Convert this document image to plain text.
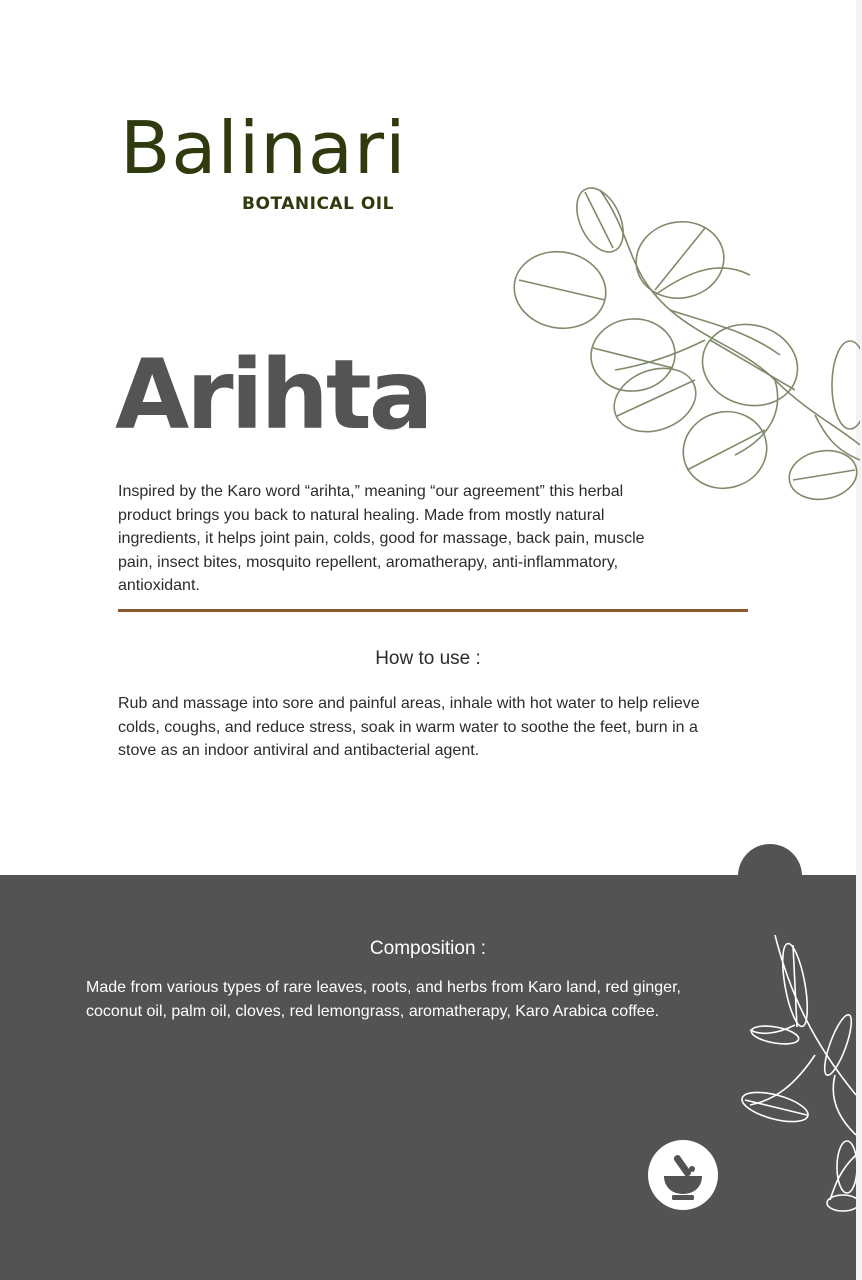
Balinari
BOTANICAL OIL
Arihta

Inspired by the Karo word “arihta,” meaning “our agreement” this herbal product brings you back to natural healing. Made from mostly natural ingredients, it helps joint pain, colds, good for massage, back pain, muscle pain, insect bites, mosquito repellent, aromatherapy, anti-inflammatory, antioxidant.

How to use :

Rub and massage into sore and painful areas, inhale with hot water to help relieve colds, coughs, and reduce stress, soak in warm water to soothe the feet, burn in a stove as an indoor antiviral and antibacterial agent.

Composition :

Made from various types of rare leaves, roots, and herbs from Karo land, red ginger, coconut oil, palm oil, cloves, red lemongrass, aromatherapy, Karo Arabica coffee.
